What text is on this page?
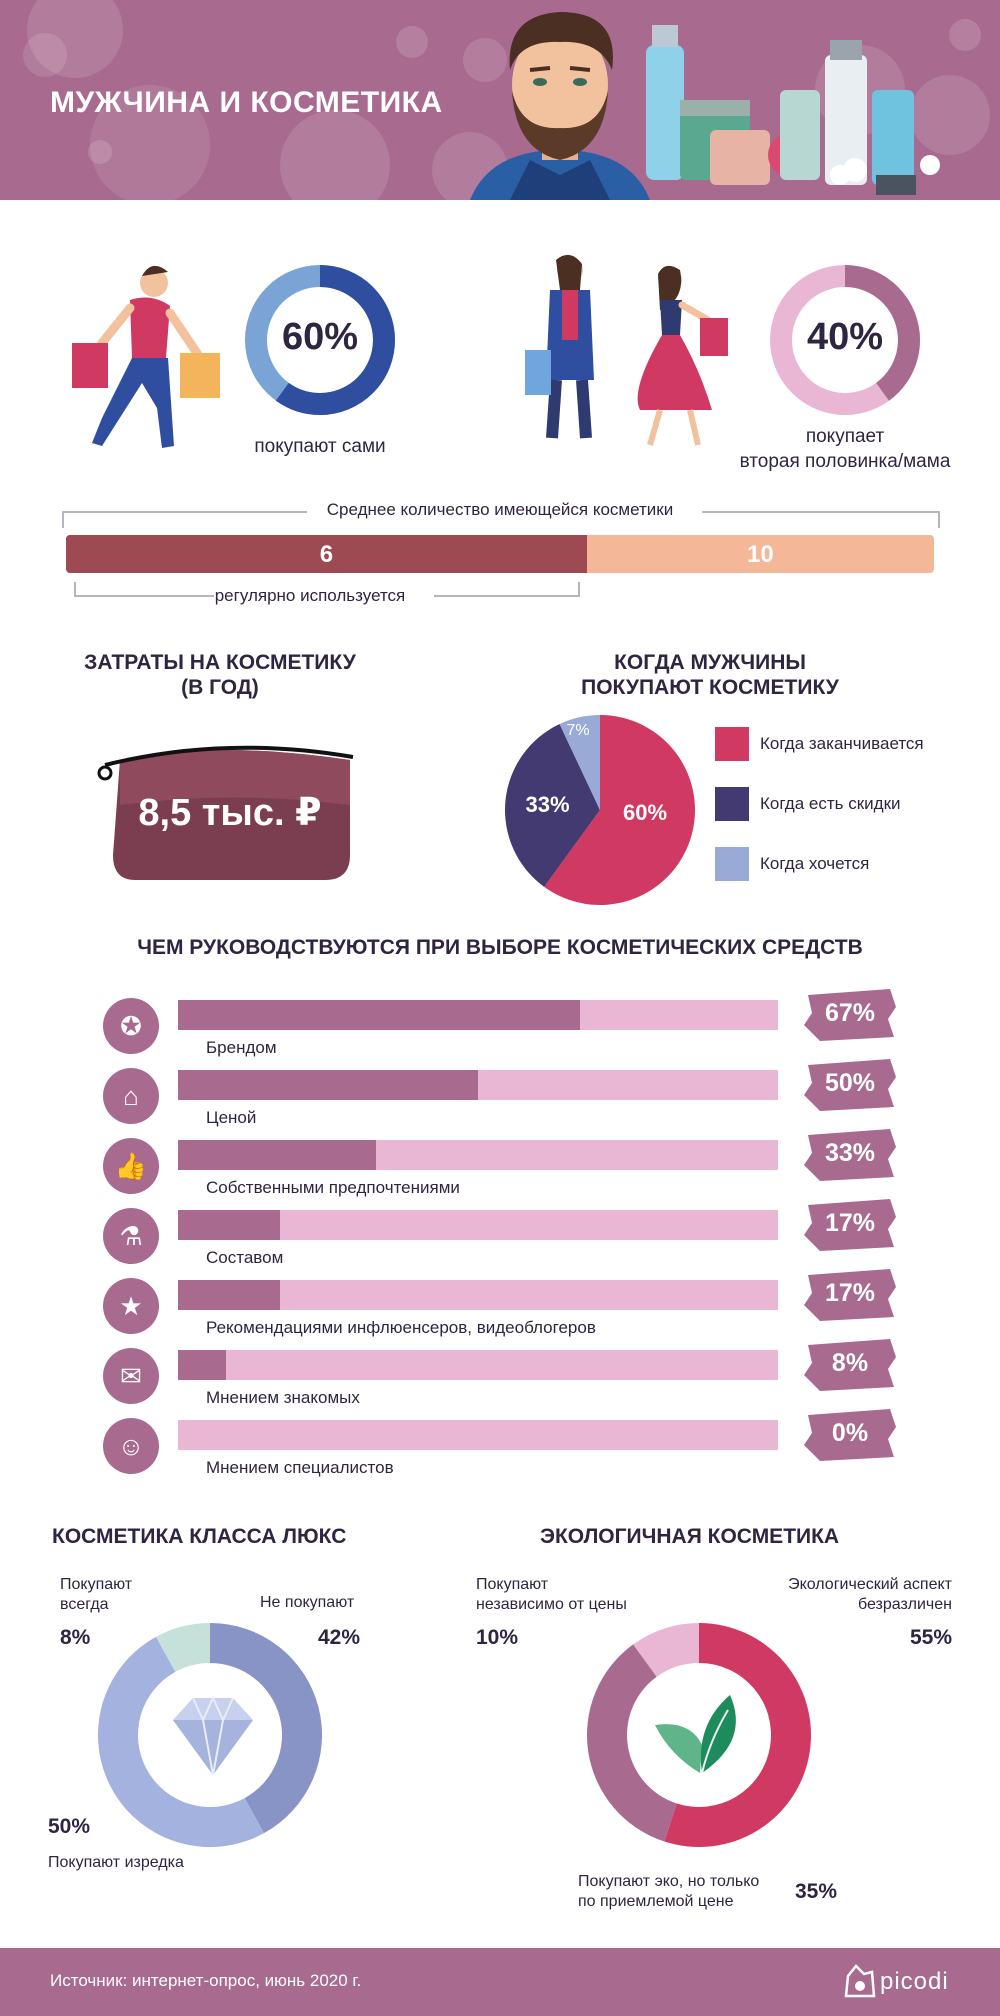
МУЖЧИНА И КОСМЕТИКА
60%
покупают сами
40%
покупает
вторая половинка/мама
Среднее количество имеющейся косметики
6	10
регулярно используется
ЗАТРАТЫ НА КОСМЕТИКУ
(В ГОД)
8,5 тыс. ₽
КОГДА МУЖЧИНЫ
ПОКУПАЮТ КОСМЕТИКУ
60%
33%
7%
Когда заканчивается
Когда есть скидки
Когда хочется
ЧЕМ РУКОВОДСТВУЮТСЯ ПРИ ВЫБОРЕ КОСМЕТИЧЕСКИХ СРЕДСТВ
✪
Брендом
67%
⌂
Ценой
50%
👍
Собственными предпочтениями
33%
⚗
Составом
17%
★
Рекомендациями инфлюенсеров, видеоблогеров
17%
✉
Мнением знакомых
8%
☺
Мнением специалистов
0%
КОСМЕТИКА КЛАССА ЛЮКС
Покупают
всегда
8%
Не покупают
42%
50%
Покупают изредка
ЭКОЛОГИЧНАЯ КОСМЕТИКА
Покупают
независимо от цены
10%
Экологический аспект
безразличен
55%
Покупают эко, но только
по приемлемой цене	35%
Источник: интернет-опрос, июнь 2020 г.	picodi
